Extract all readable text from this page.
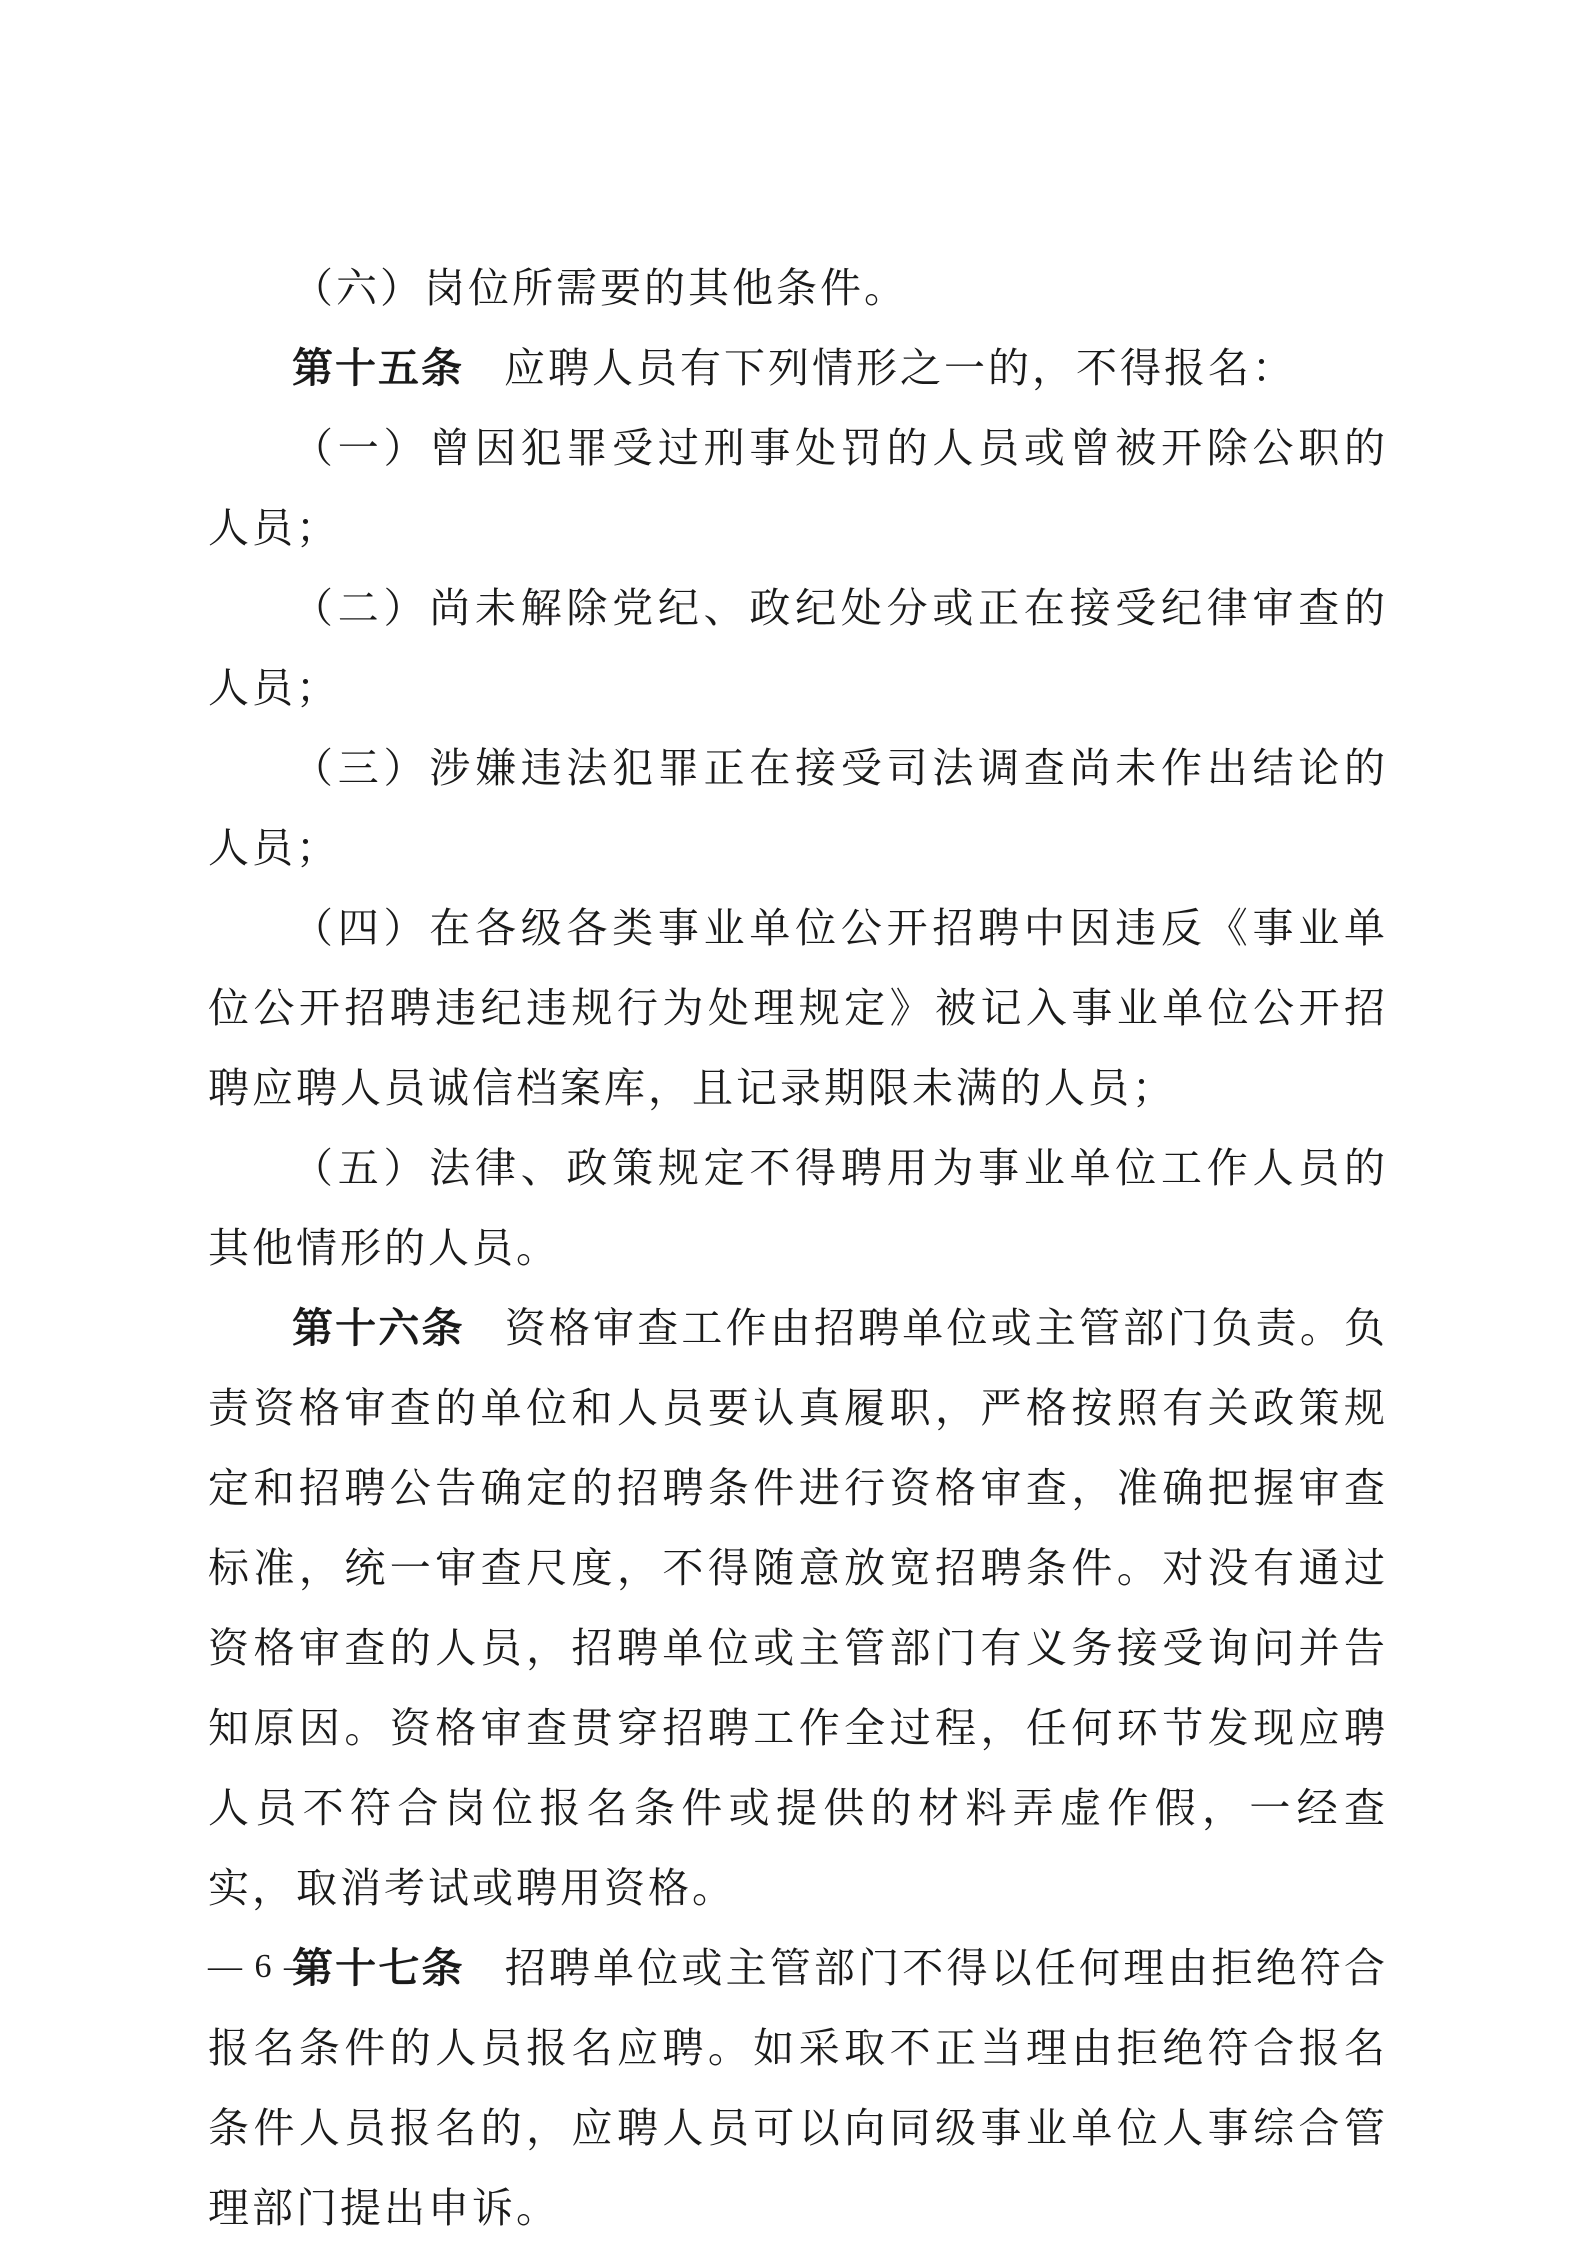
（六）岗位所需要的其他条件。

第十五条 应聘人员有下列情形之一的，不得报名：

（一）曾因犯罪受过刑事处罚的人员或曾被开除公职的人员；

（二）尚未解除党纪、政纪处分或正在接受纪律审查的人员；

（三）涉嫌违法犯罪正在接受司法调查尚未作出结论的人员；

（四）在各级各类事业单位公开招聘中因违反《事业单位公开招聘违纪违规行为处理规定》被记入事业单位公开招聘应聘人员诚信档案库，且记录期限未满的人员；

（五）法律、政策规定不得聘用为事业单位工作人员的其他情形的人员。

第十六条 资格审查工作由招聘单位或主管部门负责。负责资格审查的单位和人员要认真履职，严格按照有关政策规定和招聘公告确定的招聘条件进行资格审查，准确把握审查标准，统一审查尺度，不得随意放宽招聘条件。对没有通过资格审查的人员，招聘单位或主管部门有义务接受询问并告知原因。资格审查贯穿招聘工作全过程，任何环节发现应聘人员不符合岗位报名条件或提供的材料弄虚作假，一经查实，取消考试或聘用资格。

第十七条 招聘单位或主管部门不得以任何理由拒绝符合报名条件的人员报名应聘。如采取不正当理由拒绝符合报名条件人员报名的，应聘人员可以向同级事业单位人事综合管理部门提出申诉。

— 6 —
